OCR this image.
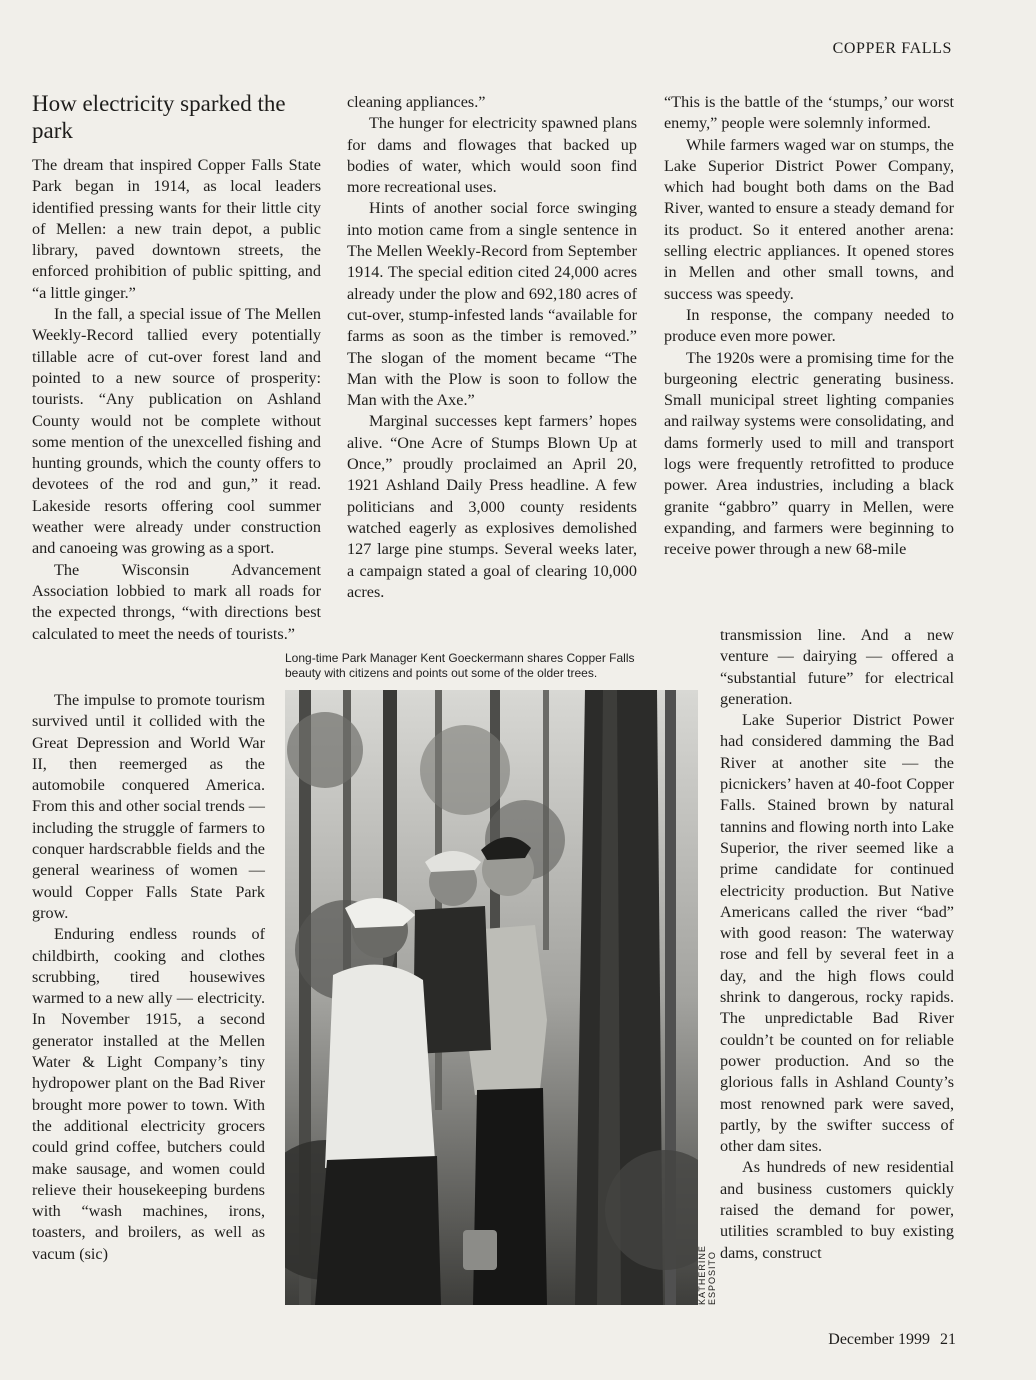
COPPER FALLS
How electricity sparked the park

The dream that inspired Copper Falls State Park began in 1914, as local leaders identified pressing wants for their little city of Mellen: a new train depot, a public library, paved downtown streets, the enforced prohibition of public spitting, and “a little ginger.”

In the fall, a special issue of The Mellen Weekly-Record tallied every potentially tillable acre of cut-over forest land and pointed to a new source of prosperity: tourists. “Any publication on Ashland County would not be complete without some mention of the unexcelled fishing and hunting grounds, which the county offers to devotees of the rod and gun,” it read. Lakeside resorts offering cool summer weather were already under construction and canoeing was growing as a sport.

The Wisconsin Advancement Association lobbied to mark all roads for the expected throngs, “with directions best calculated to meet the needs of tourists.”

The impulse to promote tourism survived until it collided with the Great Depression and World War II, then reemerged as the automobile conquered America. From this and other social trends — including the struggle of farmers to conquer hardscrabble fields and the general weariness of women — would Copper Falls State Park grow.

Enduring endless rounds of childbirth, cooking and clothes scrubbing, tired housewives warmed to a new ally — electricity. In November 1915, a second generator installed at the Mellen Water & Light Company’s tiny hydropower plant on the Bad River brought more power to town. With the additional electricity grocers could grind coffee, butchers could make sausage, and women could relieve their housekeeping burdens with “wash machines, irons, toasters, and broilers, as well as vacum (sic)

cleaning appliances.”

The hunger for electricity spawned plans for dams and flowages that backed up bodies of water, which would soon find more recreational uses.

Hints of another social force swinging into motion came from a single sentence in The Mellen Weekly-Record from September 1914. The special edition cited 24,000 acres already under the plow and 692,180 acres of cut-over, stump-infested lands “available for farms as soon as the timber is removed.” The slogan of the moment became “The Man with the Plow is soon to follow the Man with the Axe.”

Marginal successes kept farmers’ hopes alive. “One Acre of Stumps Blown Up at Once,” proudly proclaimed an April 20, 1921 Ashland Daily Press headline. A few politicians and 3,000 county residents watched eagerly as explosives demolished 127 large pine stumps. Several weeks later, a campaign stated a goal of clearing 10,000 acres.

“This is the battle of the ‘stumps,’ our worst enemy,” people were solemnly informed.

While farmers waged war on stumps, the Lake Superior District Power Company, which had bought both dams on the Bad River, wanted to ensure a steady demand for its product. So it entered another arena: selling electric appliances. It opened stores in Mellen and other small towns, and success was speedy.

In response, the company needed to produce even more power.

The 1920s were a promising time for the burgeoning electric generating business. Small municipal street lighting companies and railway systems were consolidating, and dams formerly used to mill and transport logs were frequently retrofitted to produce power. Area industries, including a black granite “gabbro” quarry in Mellen, were expanding, and farmers were beginning to receive power through a new 68-mile

transmission line. And a new venture — dairying — offered a “substantial future” for electrical generation.

Lake Superior District Power had considered damming the Bad River at another site — the picnickers’ haven at 40-foot Copper Falls. Stained brown by natural tannins and flowing north into Lake Superior, the river seemed like a prime candidate for continued electricity production. But Native Americans called the river “bad” with good reason: The waterway rose and fell by several feet in a day, and the high flows could shrink to dangerous, rocky rapids. The unpredictable Bad River couldn’t be counted on for reliable power production. And so the glorious falls in Ashland County’s most renowned park were saved, partly, by the swifter success of other dam sites.

As hundreds of new residential and business customers quickly raised the demand for power, utilities scrambled to buy existing dams, construct

Long-time Park Manager Kent Goeckermann shares Copper Falls beauty with citizens and points out some of the older trees.
KATHERINE ESPOSITO
December 1999 21
